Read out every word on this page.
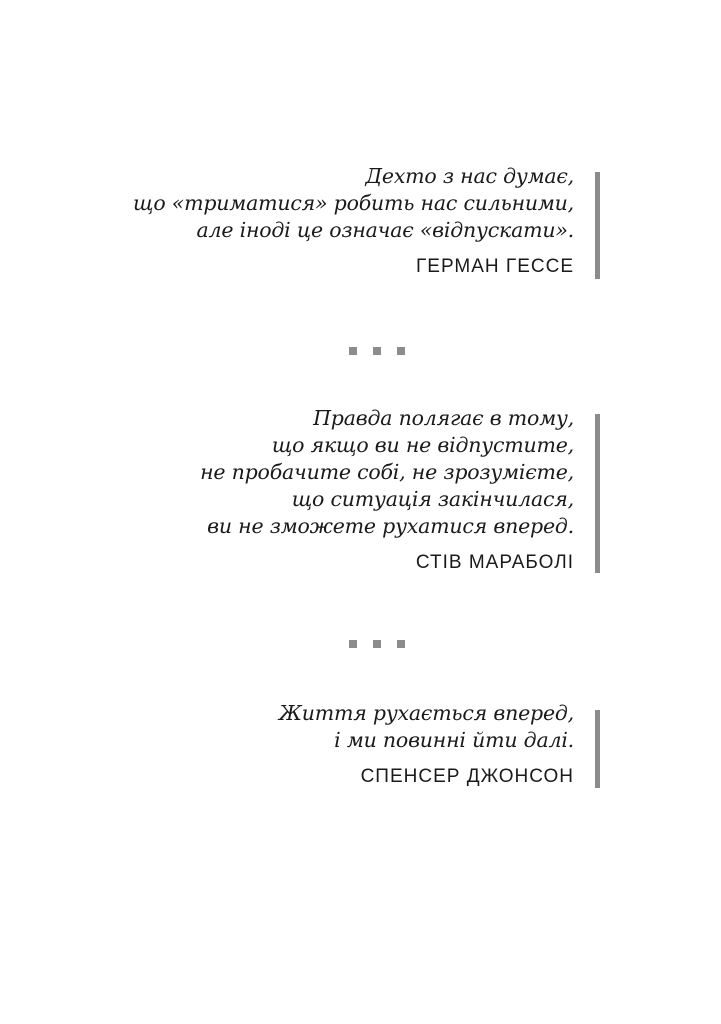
Дехто з нас думає,
що «триматися» робить нас сильними,
але іноді це означає «відпускати».
ГЕРМАН ГЕССЕ
Правда полягає в тому,
що якщо ви не відпустите,
не пробачите собі, не зрозумієте,
що ситуація закінчилася,
ви не зможете рухатися вперед.
СТІВ МАРАБОЛІ
Життя рухається вперед,
і ми повинні йти далі.
СПЕНСЕР ДЖОНСОН
